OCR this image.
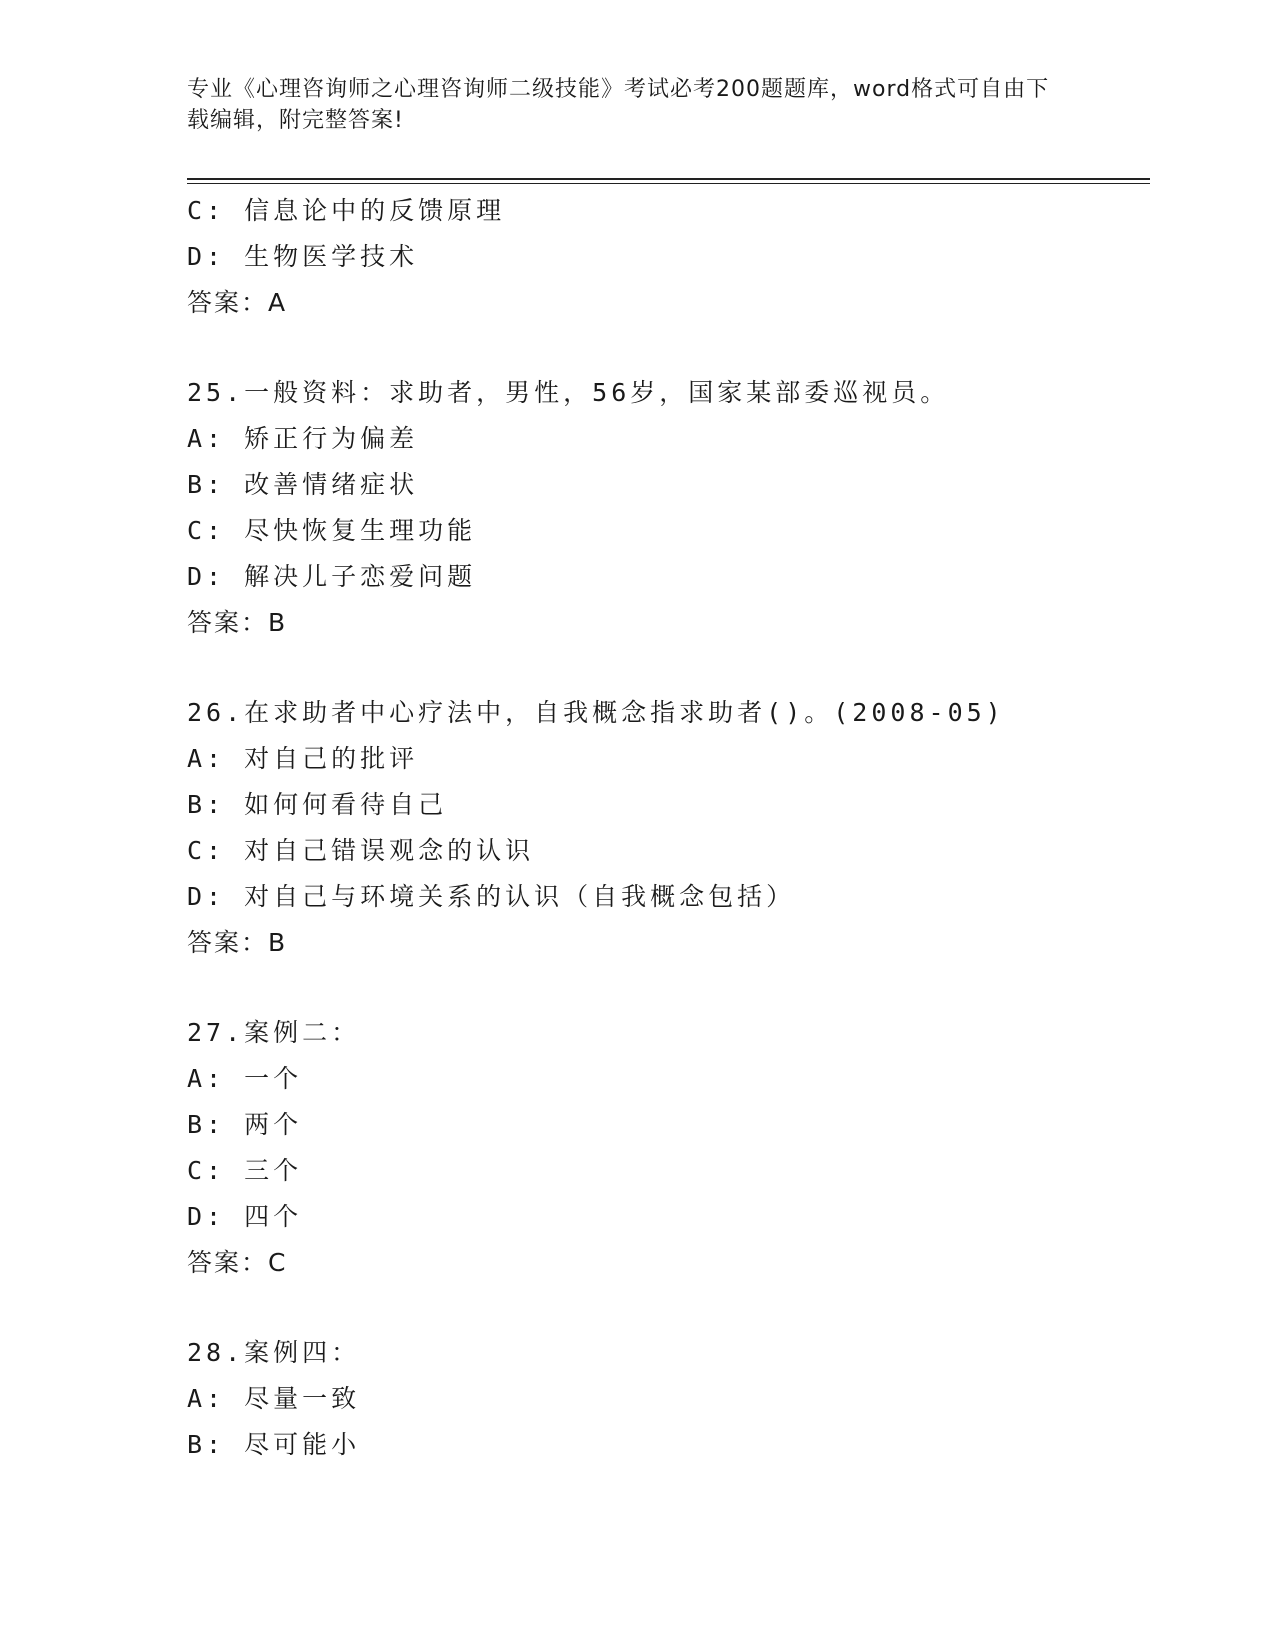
专业《心理咨询师之心理咨询师二级技能》考试必考200题题库，word格式可自由下载编辑，附完整答案!
C: 信息论中的反馈原理
D: 生物医学技术
答案：A
25.一般资料：求助者，男性，56岁，国家某部委巡视员。
A: 矫正行为偏差
B: 改善情绪症状
C: 尽快恢复生理功能
D: 解决儿子恋爱问题
答案：B
26.在求助者中心疗法中，自我概念指求助者()。(2008-05)
A: 对自己的批评
B: 如何何看待自己
C: 对自己错误观念的认识
D: 对自己与环境关系的认识（自我概念包括）
答案：B
27.案例二：
A: 一个
B: 两个
C: 三个
D: 四个
答案：C
28.案例四：
A: 尽量一致
B: 尽可能小
